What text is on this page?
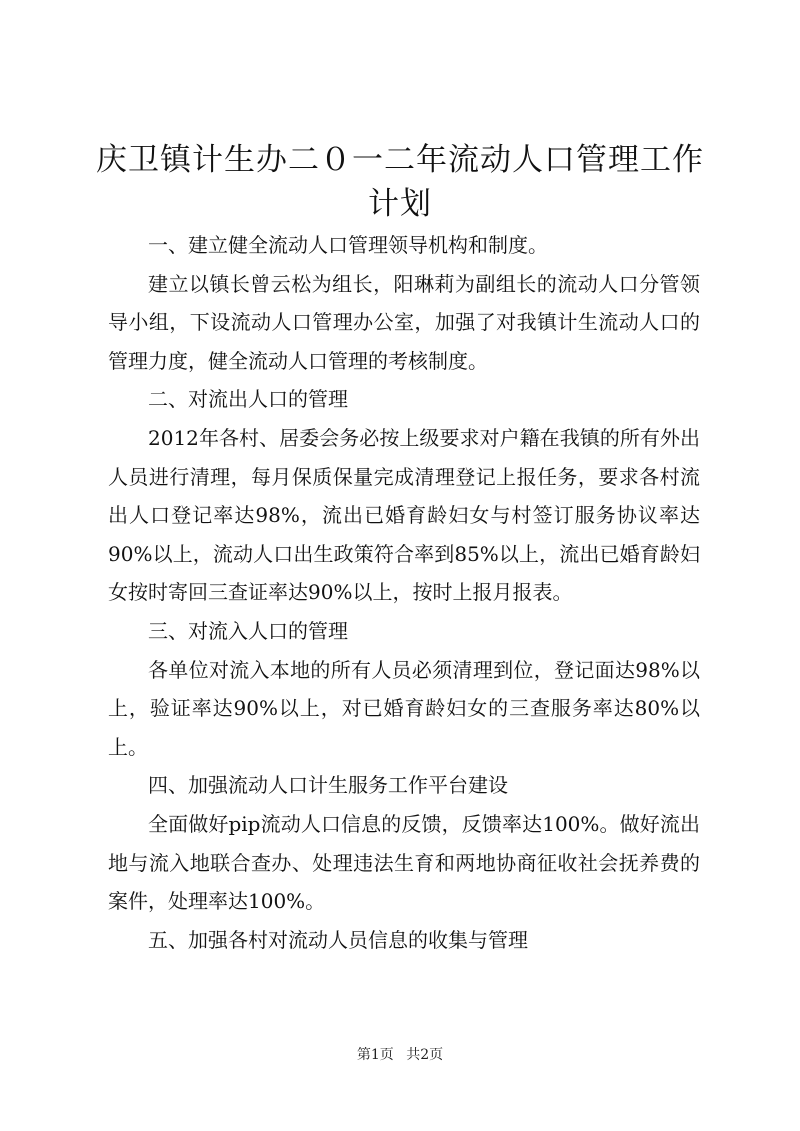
庆卫镇计生办二０一二年流动人口管理工作计划

一、建立健全流动人口管理领导机构和制度。

建立以镇长曾云松为组长，阳琳莉为副组长的流动人口分管领导小组，下设流动人口管理办公室，加强了对我镇计生流动人口的管理力度，健全流动人口管理的考核制度。

二、对流出人口的管理

2012年各村、居委会务必按上级要求对户籍在我镇的所有外出人员进行清理，每月保质保量完成清理登记上报任务，要求各村流出人口登记率达98%，流出已婚育龄妇女与村签订服务协议率达90%以上，流动人口出生政策符合率到85%以上，流出已婚育龄妇女按时寄回三查证率达90%以上，按时上报月报表。

三、对流入人口的管理

各单位对流入本地的所有人员必须清理到位，登记面达98%以上，验证率达90%以上，对已婚育龄妇女的三查服务率达80%以上。

四、加强流动人口计生服务工作平台建设

全面做好pip流动人口信息的反馈，反馈率达100%。做好流出地与流入地联合查办、处理违法生育和两地协商征收社会抚养费的案件，处理率达100%。

五、加强各村对流动人员信息的收集与管理

第1页 共2页
